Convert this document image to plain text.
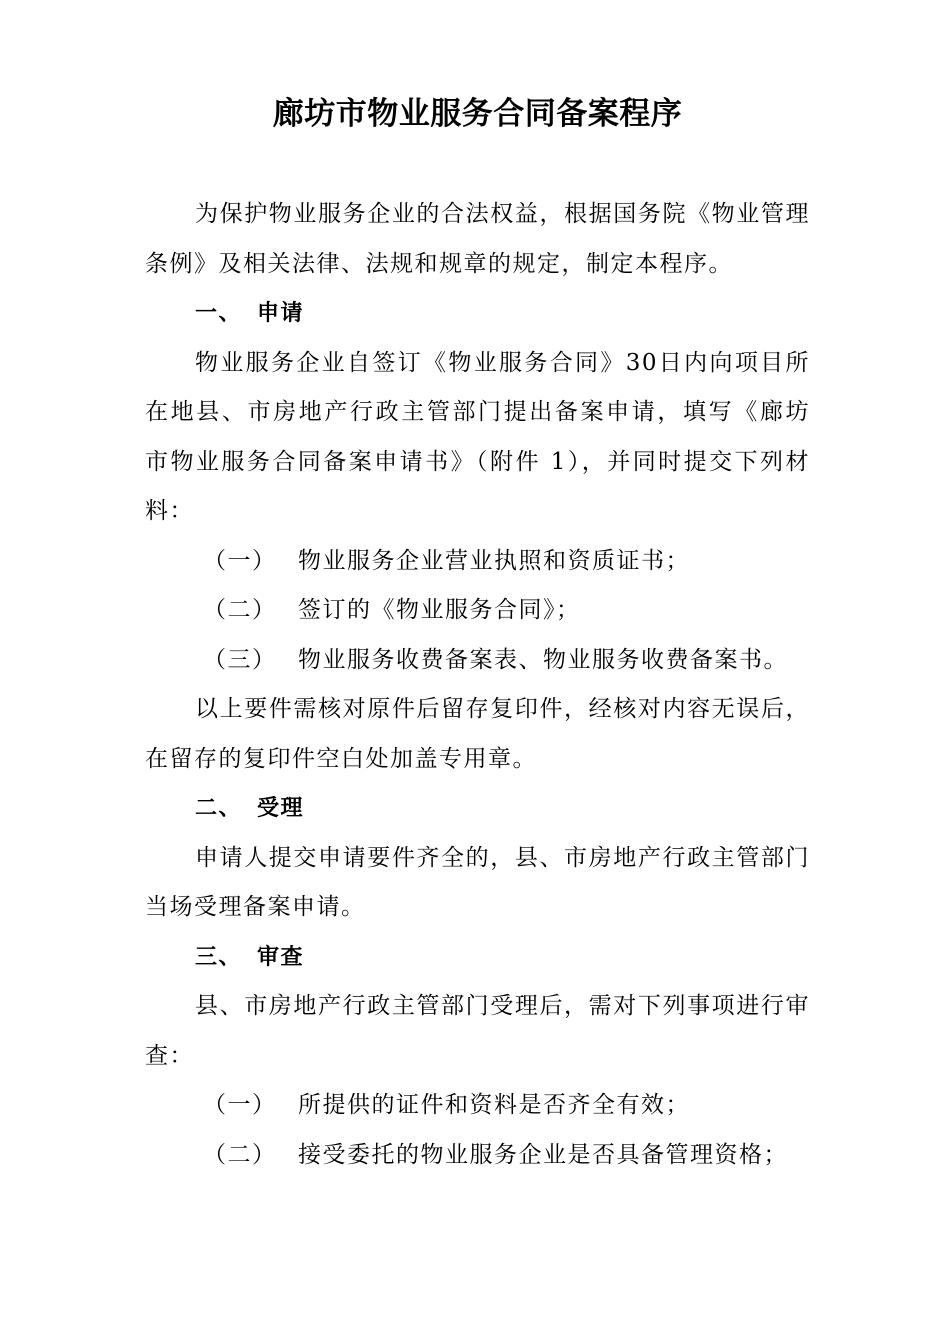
廊坊市物业服务合同备案程序

为保护物业服务企业的合法权益，根据国务院《物业管理条例》及相关法律、法规和规章的规定，制定本程序。

一、 申请

物业服务企业自签订《物业服务合同》30日内向项目所 在地县、市房地产行政主管部门提出备案申请，填写《廊坊 市物业服务合同备案申请书》（附件 1），并同时提交下列材 料：

（一） 物业服务企业营业执照和资质证书；

（二） 签订的《物业服务合同》；

（三） 物业服务收费备案表、物业服务收费备案书。

以上要件需核对原件后留存复印件，经核对内容无误后，在留存的复印件空白处加盖专用章。

二、 受理

申请人提交申请要件齐全的，县、市房地产行政主管部门当场受理备案申请。

三、 审查

县、市房地产行政主管部门受理后，需对下列事项进行审查：

（一） 所提供的证件和资料是否齐全有效；

（二） 接受委托的物业服务企业是否具备管理资格；
